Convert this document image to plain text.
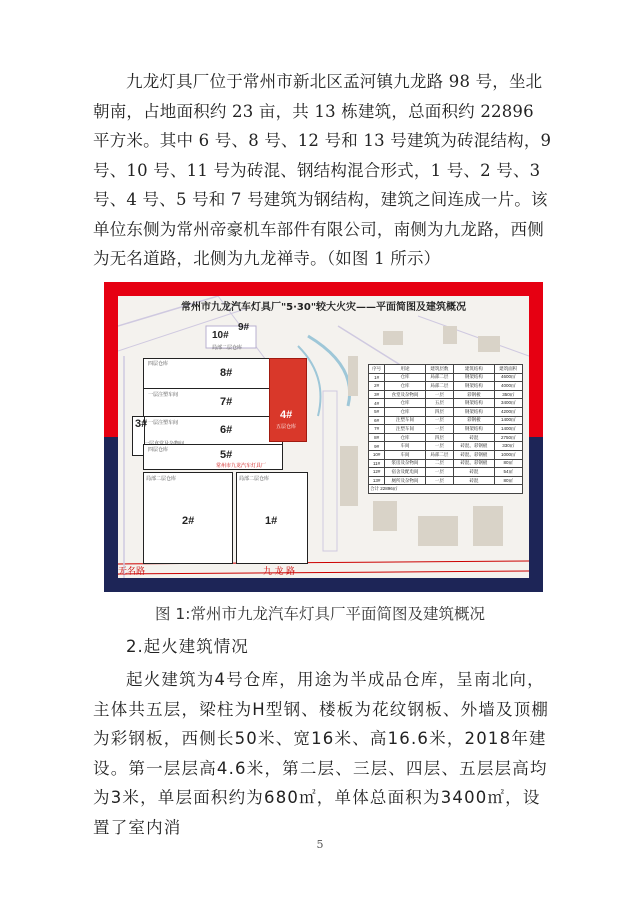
九龙灯具厂位于常州市新北区孟河镇九龙路 98 号，坐北朝南，占地面积约 23 亩，共 13 栋建筑，总面积约 22896 平方米。其中 6 号、8 号、12 号和 13 号建筑为砖混结构，9 号、10 号、11 号为砖混、钢结构混合形式，1 号、2 号、3 号、4 号、5 号和 7 号建筑为钢结构，建筑之间连成一片。该单位东侧为常州帝豪机车部件有限公司，南侧为九龙路，西侧为无名道路，北侧为九龙禅寺。（如图 1 所示）

常州市九龙汽车灯具厂"5·30"较大火灾——平面简图及建筑概况
10#
9#
局部二层仓库
8#
四层仓库
7#
一层注塑车间
6#
一层注塑车间
3#
5#
四层仓库
常州市九龙汽车灯具厂
4#
五层仓库
2#
局部二层仓库
1#
局部二层仓库
九 龙 路
无名路
序号	用途	建筑层数	建筑结构	建筑面积
1#	仓库	局部二层	钢架结构	4600㎡
2#	仓库	局部二层	钢架结构	4000㎡
3#	食堂及杂物间	一层	彩钢板	350㎡
4#	仓库	五层	钢架结构	3400㎡
5#	仓库	四层	钢架结构	4200㎡
6#	注塑车间	一层	彩钢板	1400㎡
7#	注塑车间	一层	钢架结构	1400㎡
8#	仓库	四层	砖混	2750㎡
9#	车间	一层	砖混、彩钢板	330㎡
10#	车间	局部二层	砖混、彩钢板	1000㎡
11#	浆房及杂物间	二层	砖混、彩钢板	80㎡
12#	宿舍及配电间	一层	砖混	54㎡
13#	厕所及杂物间	一层	砖混	80㎡
合计 22896㎡				
图 1:常州市九龙汽车灯具厂平面简图及建筑概况
2.起火建筑情况

起火建筑为4号仓库，用途为半成品仓库，呈南北向，主体共五层，梁柱为H型钢、楼板为花纹钢板、外墙及顶棚为彩钢板，西侧长50米、宽16米、高16.6米，2018年建设。第一层层高4.6米，第二层、三层、四层、五层层高均为3米，单层面积约为680㎡，单体总面积为3400㎡，设置了室内消

5
